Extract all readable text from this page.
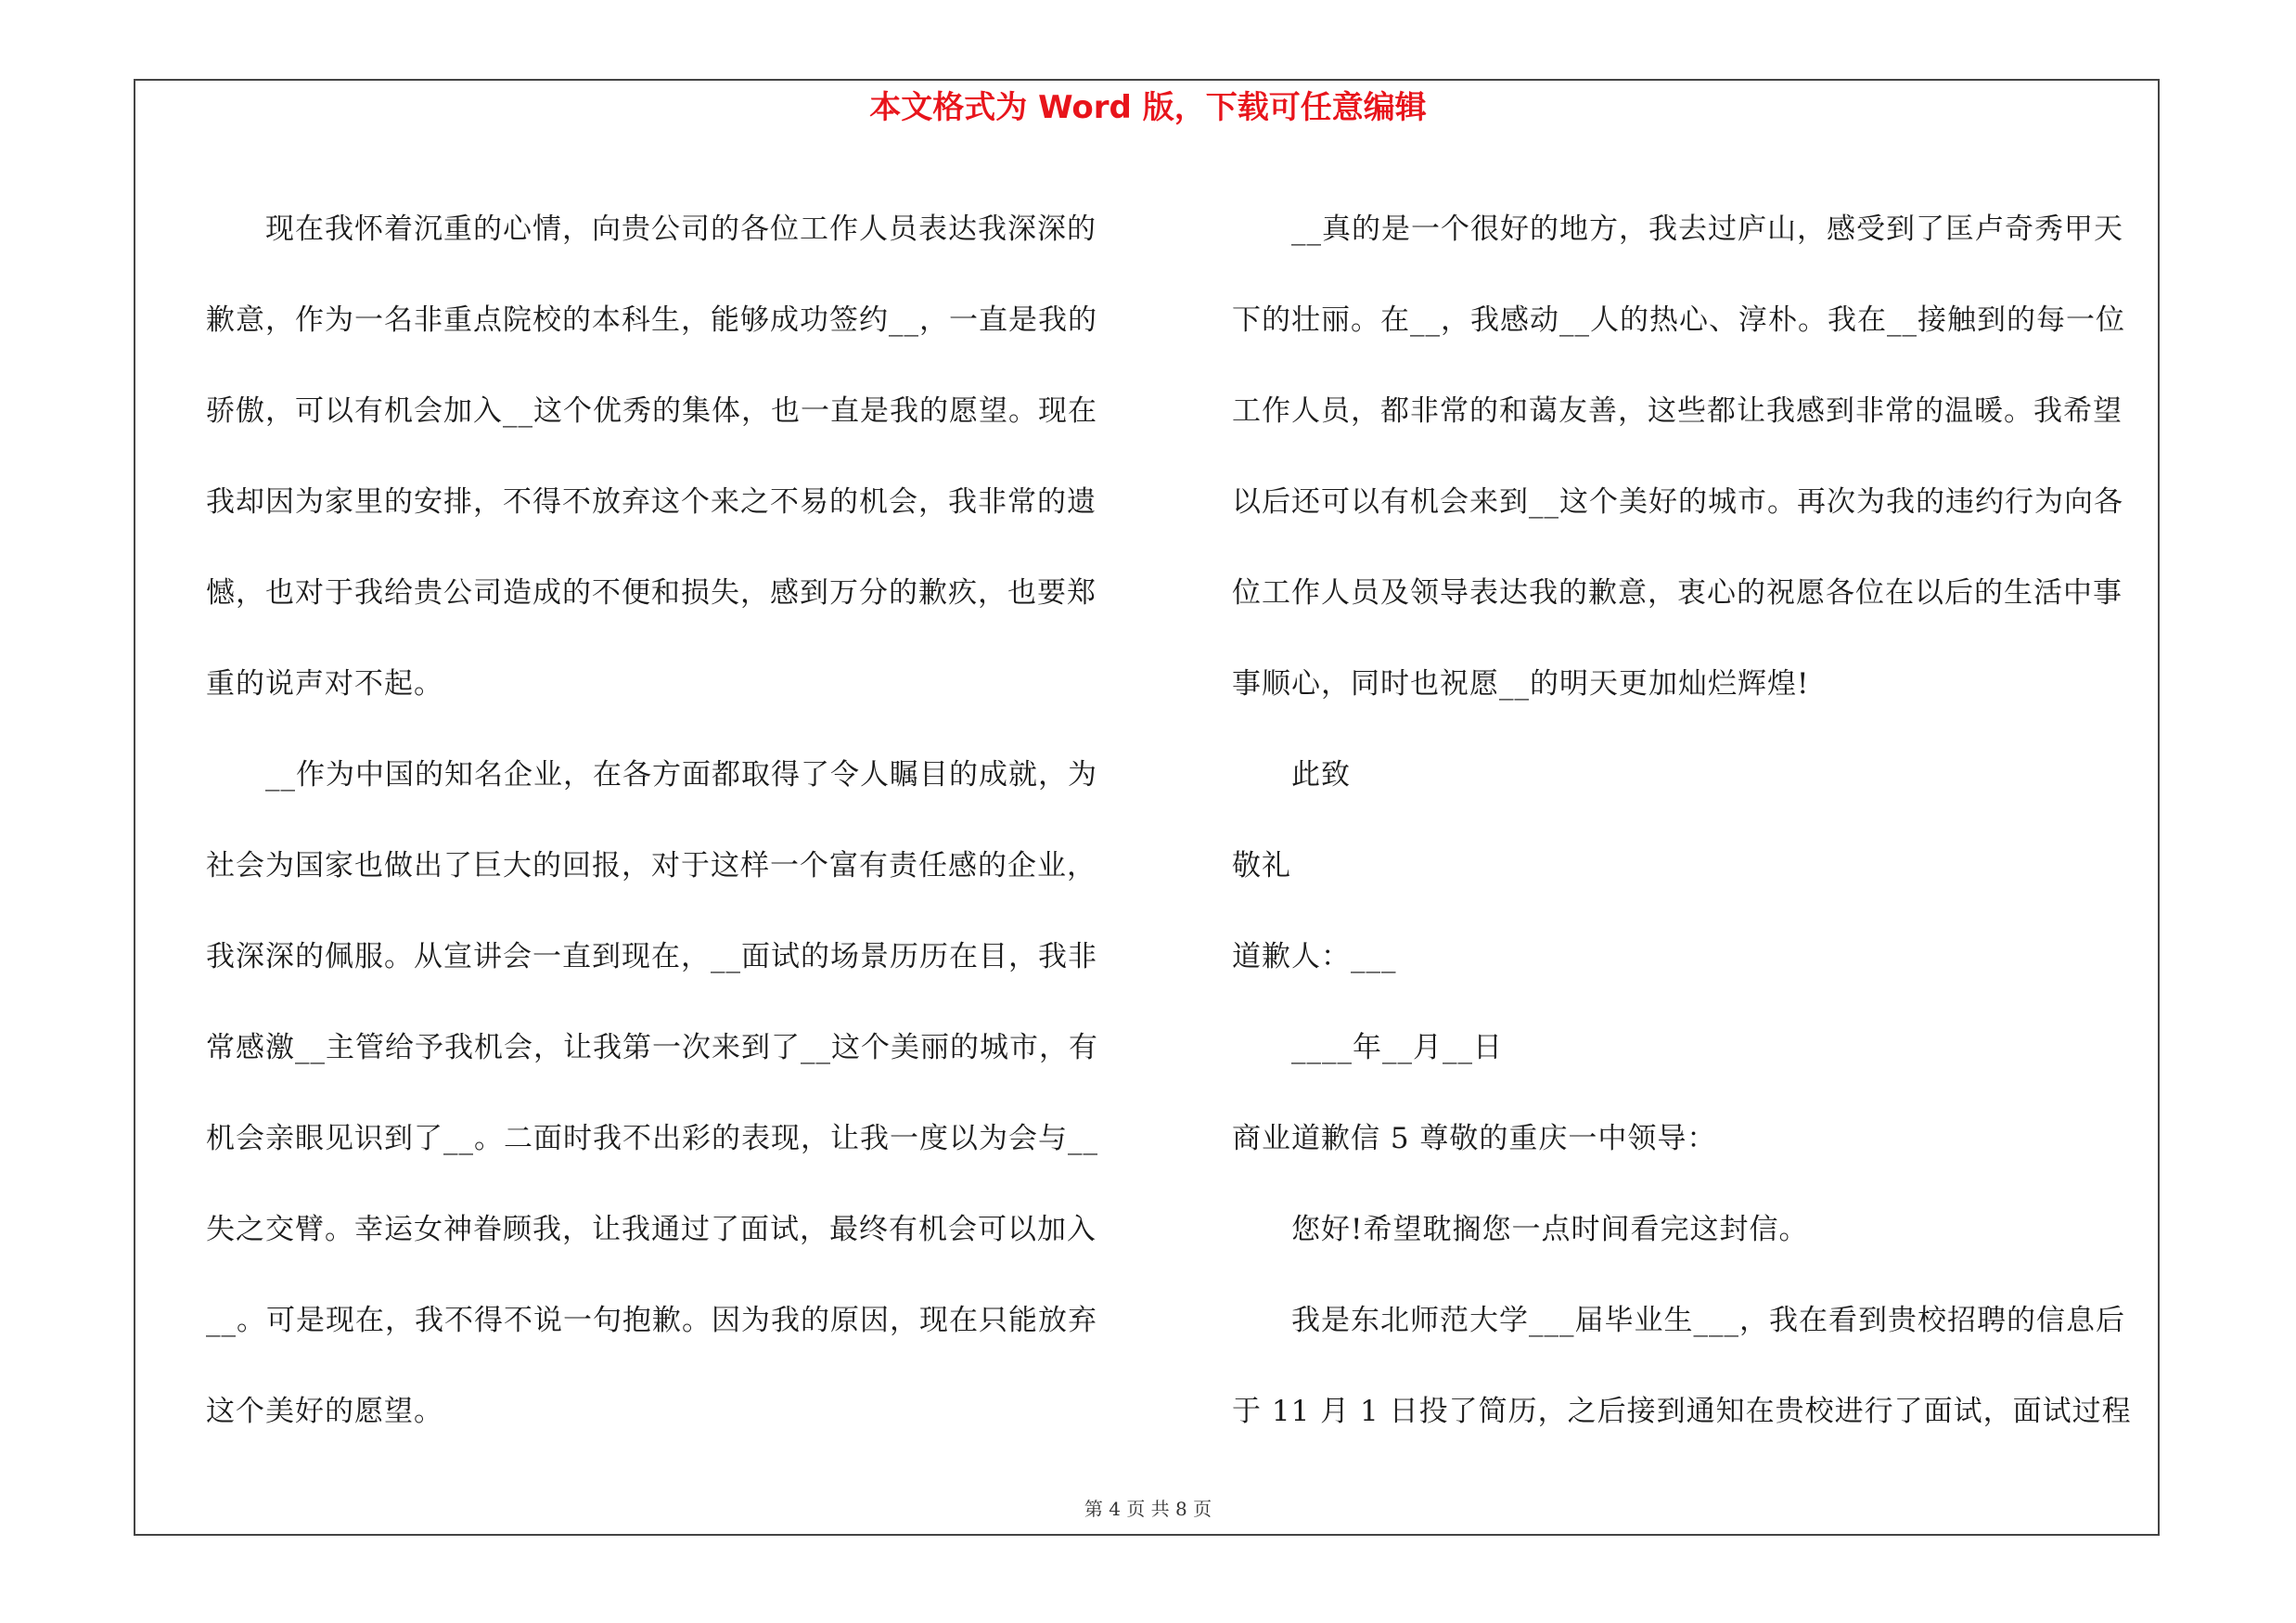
本文格式为 Word 版，下载可任意编辑
现在我怀着沉重的心情，向贵公司的各位工作人员表达我深深的
歉意，作为一名非重点院校的本科生，能够成功签约__，一直是我的
骄傲，可以有机会加入__这个优秀的集体，也一直是我的愿望。现在
我却因为家里的安排，不得不放弃这个来之不易的机会，我非常的遗
憾，也对于我给贵公司造成的不便和损失，感到万分的歉疚，也要郑
重的说声对不起。
__作为中国的知名企业，在各方面都取得了令人瞩目的成就，为
社会为国家也做出了巨大的回报，对于这样一个富有责任感的企业，
我深深的佩服。从宣讲会一直到现在，__面试的场景历历在目，我非
常感激__主管给予我机会，让我第一次来到了__这个美丽的城市，有
机会亲眼见识到了__。二面时我不出彩的表现，让我一度以为会与__
失之交臂。幸运女神眷顾我，让我通过了面试，最终有机会可以加入
__。可是现在，我不得不说一句抱歉。因为我的原因，现在只能放弃
这个美好的愿望。
__真的是一个很好的地方，我去过庐山，感受到了匡卢奇秀甲天
下的壮丽。在__，我感动__人的热心、淳朴。我在__接触到的每一位
工作人员，都非常的和蔼友善，这些都让我感到非常的温暖。我希望
以后还可以有机会来到__这个美好的城市。再次为我的违约行为向各
位工作人员及领导表达我的歉意，衷心的祝愿各位在以后的生活中事
事顺心，同时也祝愿__的明天更加灿烂辉煌!
此致
敬礼
道歉人：___
____年__月__日
商业道歉信 5 尊敬的重庆一中领导：
您好!希望耽搁您一点时间看完这封信。
我是东北师范大学___届毕业生___，我在看到贵校招聘的信息后
于 11 月 1 日投了简历，之后接到通知在贵校进行了面试，面试过程
第 4 页 共 8 页
